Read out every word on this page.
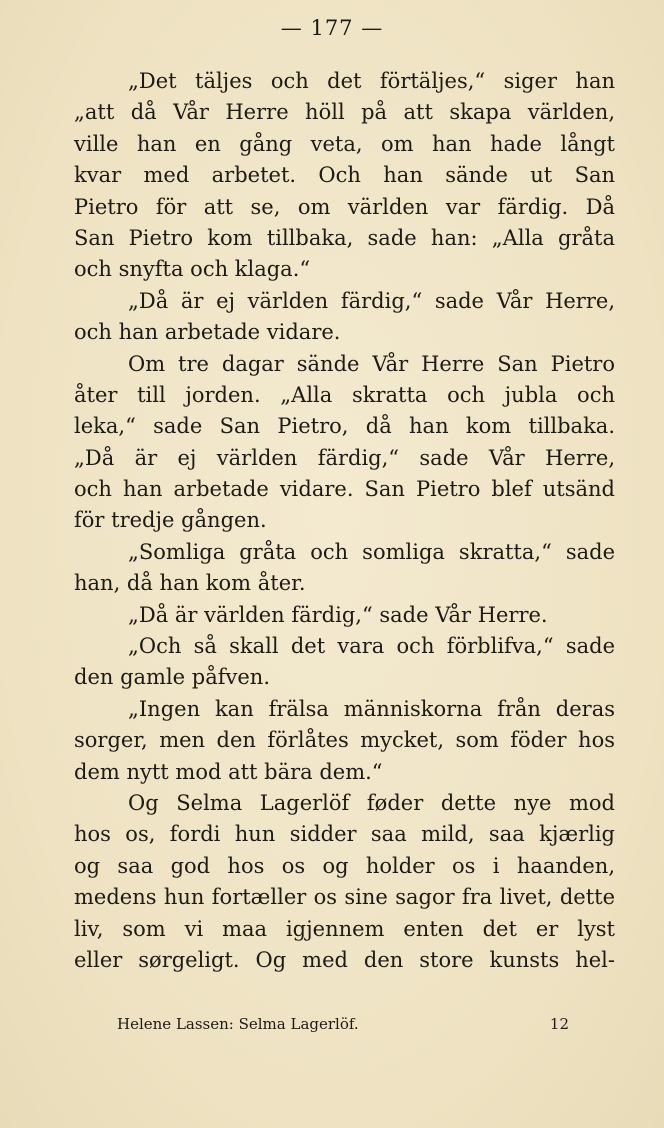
— 177 —
„Det täljes och det förtäljes,“ siger han
„att då Vår Herre höll på att skapa världen,
ville han en gång veta, om han hade långt
kvar med arbetet. Och han sände ut San
Pietro för att se, om världen var färdig. Då
San Pietro kom tillbaka, sade han: „Alla gråta
och snyfta och klaga.“
„Då är ej världen färdig,“ sade Vår Herre,
och han arbetade vidare.
Om tre dagar sände Vår Herre San Pietro
åter till jorden. „Alla skratta och jubla och
leka,“ sade San Pietro, då han kom tillbaka.
„Då är ej världen färdig,“ sade Vår Herre,
och han arbetade vidare. San Pietro blef utsänd
för tredje gången.
„Somliga gråta och somliga skratta,“ sade
han, då han kom åter.
„Då är världen färdig,“ sade Vår Herre.
„Och så skall det vara och förblifva,“ sade
den gamle påfven.
„Ingen kan frälsa människorna från deras
sorger, men den förlåtes mycket, som föder hos
dem nytt mod att bära dem.“
Og Selma Lagerlöf føder dette nye mod
hos os, fordi hun sidder saa mild, saa kjærlig
og saa god hos os og holder os i haanden,
medens hun fortæller os sine sagor fra livet, dette
liv, som vi maa igjennem enten det er lyst
eller sørgeligt. Og med den store kunsts hel-
Helene Lassen: Selma Lagerlöf.	12
